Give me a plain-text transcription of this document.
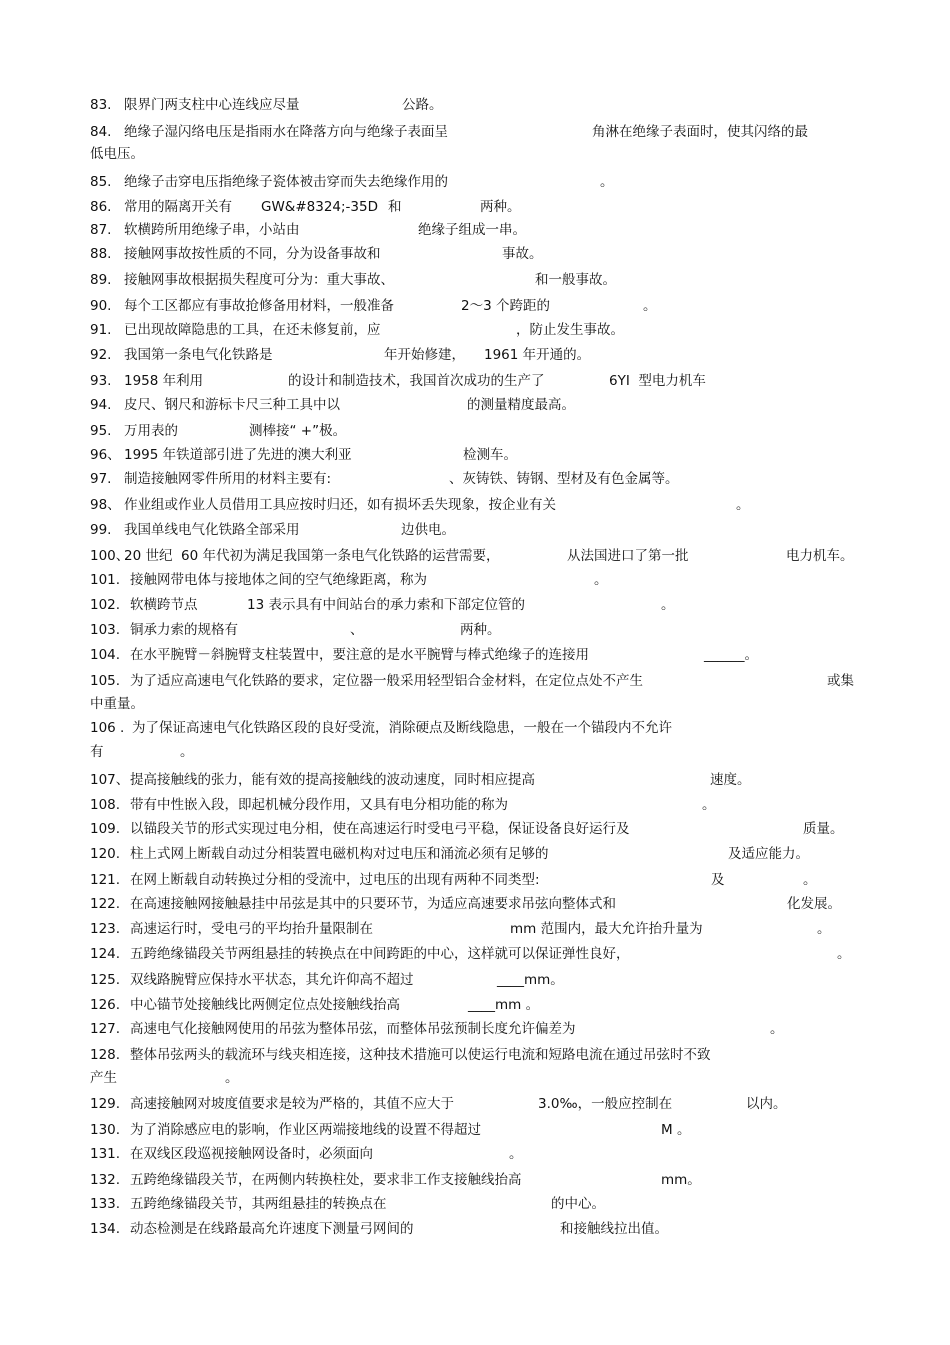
83. 限界门两支柱中心连线应尽量	公路。
84. 绝缘子湿闪络电压是指雨水在降落方向与绝缘子表面呈	角淋在绝缘子表面时，使其闪络的最
低电压。
85. 绝缘子击穿电压指绝缘子瓷体被击穿而失去绝缘作用的	。
86. 常用的隔离开关有 GW&#8324;-35D 和	两种。
87. 软横跨所用绝缘子串，小站由	绝缘子组成一串。
88. 接触网事故按性质的不同，分为设备事故和	事故。
89. 接触网事故根据损失程度可分为：重大事故、	和一般事故。
90. 每个工区都应有事故抢修备用材料，一般准备	2～3 个跨距的	。
91. 已出现故障隐患的工具，在还未修复前，应	，防止发生事故。
92. 我国第一条电气化铁路是	年开始修建， 1961 年开通的。
93. 1958 年利用	的设计和制造技术，我国首次成功的生产了	6YI  型电力机车
94. 皮尺、钢尺和游标卡尺三种工具中以	的测量精度最高。
95. 万用表的	测棒接“ +”极。
96、 1995 年铁道部引进了先进的澳大利亚	检测车。
97. 制造接触网零件所用的材料主要有:	、灰铸铁、铸钢、型材及有色金属等。
98、 作业组或作业人员借用工具应按时归还，如有损坏丢失现象，按企业有关	。
99. 我国单线电气化铁路全部采用	边供电。
100、
20 世纪  60 年代初为满足我国第一条电气化铁路的运营需要，	从法国进口了第一批	电力机车。
101. 接触网带电体与接地体之间的空气绝缘距离，称为	。
102. 软横跨节点	13 表示具有中间站台的承力索和下部定位管的	。
103. 铜承力索的规格有	、	两种。
104. 在水平腕臂－斜腕臂支柱装置中，要注意的是水平腕臂与棒式绝缘子的连接用	______。
105. 为了适应高速电气化铁路的要求，定位器一般采用轻型铝合金材料，在定位点处不产生	或集
中重量。
106 . 为了保证高速电气化铁路区段的良好受流，消除硬点及断线隐患，一般在一个锚段内不允许
有	。
107、 提高接触线的张力，能有效的提高接触线的波动速度，同时相应提高	速度。
108. 带有中性嵌入段，即起机械分段作用，又具有电分相功能的称为	。
109. 以锚段关节的形式实现过电分相，使在高速运行时受电弓平稳，保证设备良好运行及	质量。
120. 柱上式网上断载自动过分相装置电磁机构对过电压和涌流必须有足够的	及适应能力。
121. 在网上断载自动转换过分相的受流中，过电压的出现有两种不同类型:	及	。
122. 在高速接触网接触悬挂中吊弦是其中的只要环节，为适应高速要求吊弦向整体式和	化发展。
123. 高速运行时，受电弓的平均抬升量限制在	mm 范围内，最大允许抬升量为	。
124. 五跨绝缘锚段关节两组悬挂的转换点在中间跨距的中心，这样就可以保证弹性良好，	。
125. 双线路腕臂应保持水平状态，其允许仰高不超过	____mm。
126. 中心锚节处接触线比两侧定位点处接触线抬高	____mm 。
127. 高速电气化接触网使用的吊弦为整体吊弦，而整体吊弦预制长度允许偏差为	。
128. 整体吊弦两头的载流环与线夹相连接，这种技术措施可以使运行电流和短路电流在通过吊弦时不致
产生	。
129. 高速接触网对坡度值要求是较为严格的，其值不应大于	3.0‰，一般应控制在	以内。
130. 为了消除感应电的影响，作业区两端接地线的设置不得超过	M 。
131. 在双线区段巡视接触网设备时，必须面向	。
132. 五跨绝缘锚段关节，在两侧内转换柱处，要求非工作支接触线抬高	mm。
133. 五跨绝缘锚段关节，其两组悬挂的转换点在	的中心。
134. 动态检测是在线路最高允许速度下测量弓网间的	和接触线拉出值。
